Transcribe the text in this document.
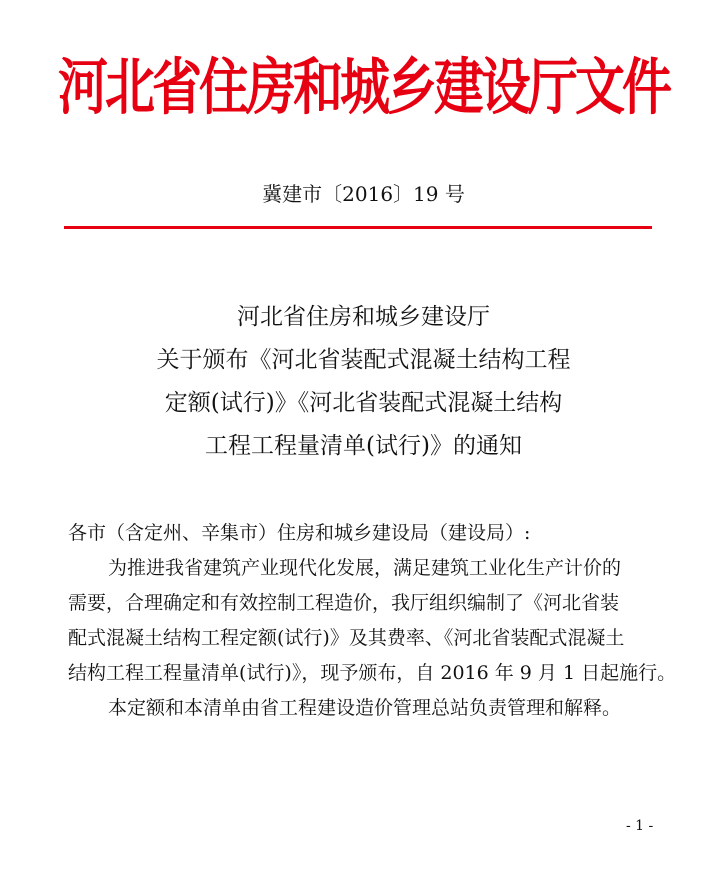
河北省住房和城乡建设厅文件
冀建市〔2016〕19 号
河北省住房和城乡建设厅
关于颁布《河北省装配式混凝土结构工程
定额(试行)》《河北省装配式混凝土结构
工程工程量清单(试行)》的通知
各市（含定州、辛集市）住房和城乡建设局（建设局）:
为推进我省建筑产业现代化发展，满足建筑工业化生产计价的
需要，合理确定和有效控制工程造价，我厅组织编制了《河北省装
配式混凝土结构工程定额(试行)》及其费率、《河北省装配式混凝土
结构工程工程量清单(试行)》，现予颁布，自 2016 年 9 月 1 日起施行。
本定额和本清单由省工程建设造价管理总站负责管理和解释。
- 1 -
